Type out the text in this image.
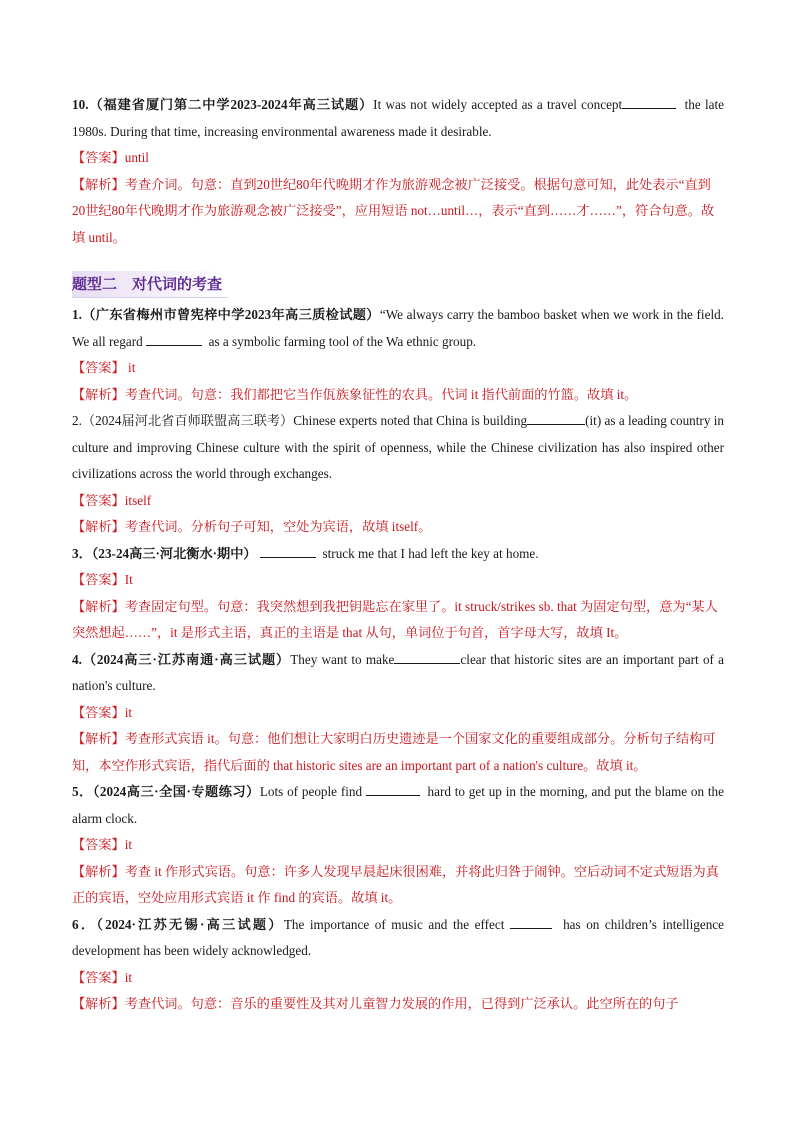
10.（福建省厦门第二中学2023-2024年高三试题）It was not widely accepted as a travel concept	the late 1980s. During that time, increasing environmental awareness made it desirable.

【答案】until

【解析】考查介词。句意：直到20世纪80年代晚期才作为旅游观念被广泛接受。根据句意可知，此处表示“直到20世纪80年代晚期才作为旅游观念被广泛接受”，应用短语 not…until…，表示“直到……才……”，符合句意。故填 until。

题型二　对代词的考查

1.（广东省梅州市曾宪梓中学2023年高三质检试题）“We always carry the bamboo basket when we work in the field. We all regard	as a symbolic farming tool of the Wa ethnic group.

【答案】 it

【解析】考查代词。句意：我们都把它当作佤族象征性的农具。代词 it 指代前面的竹篮。故填 it。

2.（2024届河北省百师联盟高三联考）Chinese experts noted that China is building	(it) as a leading country in culture and improving Chinese culture with the spirit of openness, while the Chinese civilization has also inspired other civilizations across the world through exchanges.

【答案】itself

【解析】考查代词。分析句子可知，空处为宾语，故填 itself。

3．（23-24高三·河北衡水·期中）	struck me that I had left the key at home.

【答案】It

【解析】考查固定句型。句意：我突然想到我把钥匙忘在家里了。it struck/strikes sb. that 为固定句型，意为“某人突然想起……”，it 是形式主语，真正的主语是 that 从句，单词位于句首，首字母大写，故填 It。

4.（2024高三·江苏南通·高三试题）They want to make	clear that historic sites are an important part of a nation's culture.

【答案】it

【解析】考查形式宾语 it。句意：他们想让大家明白历史遗迹是一个国家文化的重要组成部分。分析句子结构可知，本空作形式宾语，指代后面的 that historic sites are an important part of a nation's culture。故填 it。

5．（2024高三·全国·专题练习）Lots of people find	hard to get up in the morning, and put the blame on the alarm clock.

【答案】it

【解析】考查 it 作形式宾语。句意：许多人发现早晨起床很困难，并将此归咎于闹钟。空后动词不定式短语为真正的宾语，空处应用形式宾语 it 作 find 的宾语。故填 it。

6．（2024·江苏无锡·高三试题）The importance of music and the effect	has on children’s intelligence development has been widely acknowledged.

【答案】it

【解析】考查代词。句意：音乐的重要性及其对儿童智力发展的作用，已得到广泛承认。此空所在的句子
